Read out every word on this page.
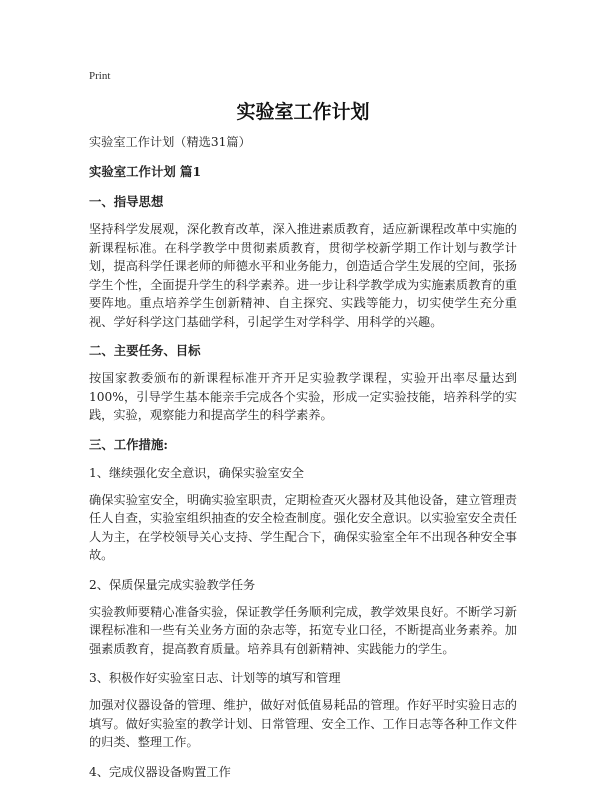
Print
实验室工作计划

实验室工作计划（精选31篇）

实验室工作计划 篇1

一、指导思想

坚持科学发展观，深化教育改革，深入推进素质教育，适应新课程改革中实施的新课程标准。在科学教学中贯彻素质教育，贯彻学校新学期工作计划与教学计划，提高科学任课老师的师德水平和业务能力，创造适合学生发展的空间，张扬学生个性，全面提升学生的科学素养。进一步让科学教学成为实施素质教育的重要阵地。重点培养学生创新精神、自主探究、实践等能力，切实使学生充分重视、学好科学这门基础学科，引起学生对学科学、用科学的兴趣。

二、主要任务、目标

按国家教委颁布的新课程标准开齐开足实验教学课程，实验开出率尽量达到100%，引导学生基本能亲手完成各个实验，形成一定实验技能，培养科学的实践，实验，观察能力和提高学生的科学素养。

三、工作措施:

1、继续强化安全意识，确保实验室安全

确保实验室安全，明确实验室职责，定期检查灭火器材及其他设备，建立管理责任人自查，实验室组织抽查的安全检查制度。强化安全意识。以实验室安全责任人为主，在学校领导关心支持、学生配合下，确保实验室全年不出现各种安全事故。

2、保质保量完成实验教学任务

实验教师要精心准备实验，保证教学任务顺利完成，教学效果良好。不断学习新课程标准和一些有关业务方面的杂志等，拓宽专业口径，不断提高业务素养。加强素质教育，提高教育质量。培养具有创新精神、实践能力的学生。

3、积极作好实验室日志、计划等的填写和管理

加强对仪器设备的管理、维护，做好对低值易耗品的管理。作好平时实验日志的填写。做好实验室的教学计划、日常管理、安全工作、工作日志等各种工作文件的归类、整理工作。

4、完成仪器设备购置工作
